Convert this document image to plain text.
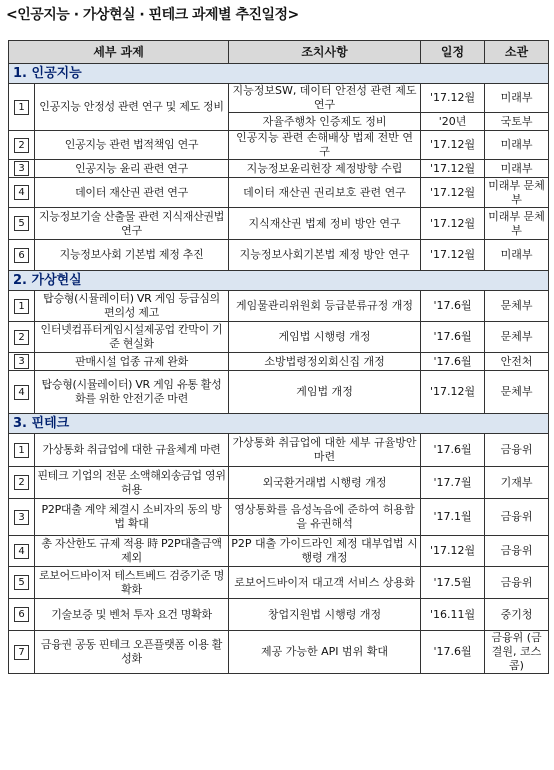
<인공지능 · 가상현실 · 핀테크 과제별 추진일정>
세부 과제		조치사항	일정	소관
1. 인공지능				
1	인공지능 안정성 관련 연구 및 제도 정비	지능정보SW, 데이터 안전성 관련 제도연구	'17.12월	미래부
		자율주행차 인증제도 정비	'20년	국토부
2	인공지능 관련 법적책임 연구	인공지능 관련 손해배상 법제 전반 연구	'17.12월	미래부
3	인공지능 윤리 관련 연구	지능정보윤리헌장 제정방향 수립	'17.12월	미래부
4	데이터 재산권 관련 연구	데이터 재산권 권리보호 관련 연구	'17.12월	미래부 문체부
5	지능정보기술 산출물 관련 지식재산권법 연구	지식재산권 법제 정비 방안 연구	'17.12월	미래부 문체부
6	지능정보사회 기본법 제정 추진	지능정보사회기본법 제정 방안 연구	'17.12월	미래부
2. 가상현실				
1	탑승형(시뮬레이터) VR 게임 등급심의 편의성 제고	게임물관리위원회 등급분류규정 개정	'17.6월	문체부
2	인터넷컴퓨터게임시설제공업 칸막이 기준 현실화	게임법 시행령 개정	'17.6월	문체부
3	판매시설 업종 규제 완화	소방법령정외회신집 개정	'17.6월	안전처
4	탑승형(시뮬레이터) VR 게임 유통 활성화를 위한 안전기준 마련	게임법 개정	'17.12월	문체부
3. 핀테크				
1	가상통화 취급업에 대한 규율체계 마련	가상통화 취급업에 대한 세부 규율방안 마련	'17.6월	금융위
2	핀테크 기업의 전문 소액해외송금업 영위 허용	외국환거래법 시행령 개정	'17.7월	기재부
3	P2P대출 계약 체결시 소비자의 동의 방법 확대	영상통화를 음성녹음에 준하여 허용함을 유권해석	'17.1월	금융위
4	총 자산한도 규제 적용 時 P2P대출금액 제외	P2P 대출 가이드라인 제정 대부업법 시행령 개정	'17.12월	금융위
5	로보어드바이저 테스트베드 검증기준 명확화	로보어드바이저 대고객 서비스 상용화	'17.5월	금융위
6	기술보증 및 벤처 투자 요건 명확화	창업지원법 시행령 개정	'16.11월	중기청
7	금융권 공동 핀테크 오픈플랫폼 이용 활성화	제공 가능한 API 범위 확대	'17.6월	금융위 (금결원, 코스콤)
